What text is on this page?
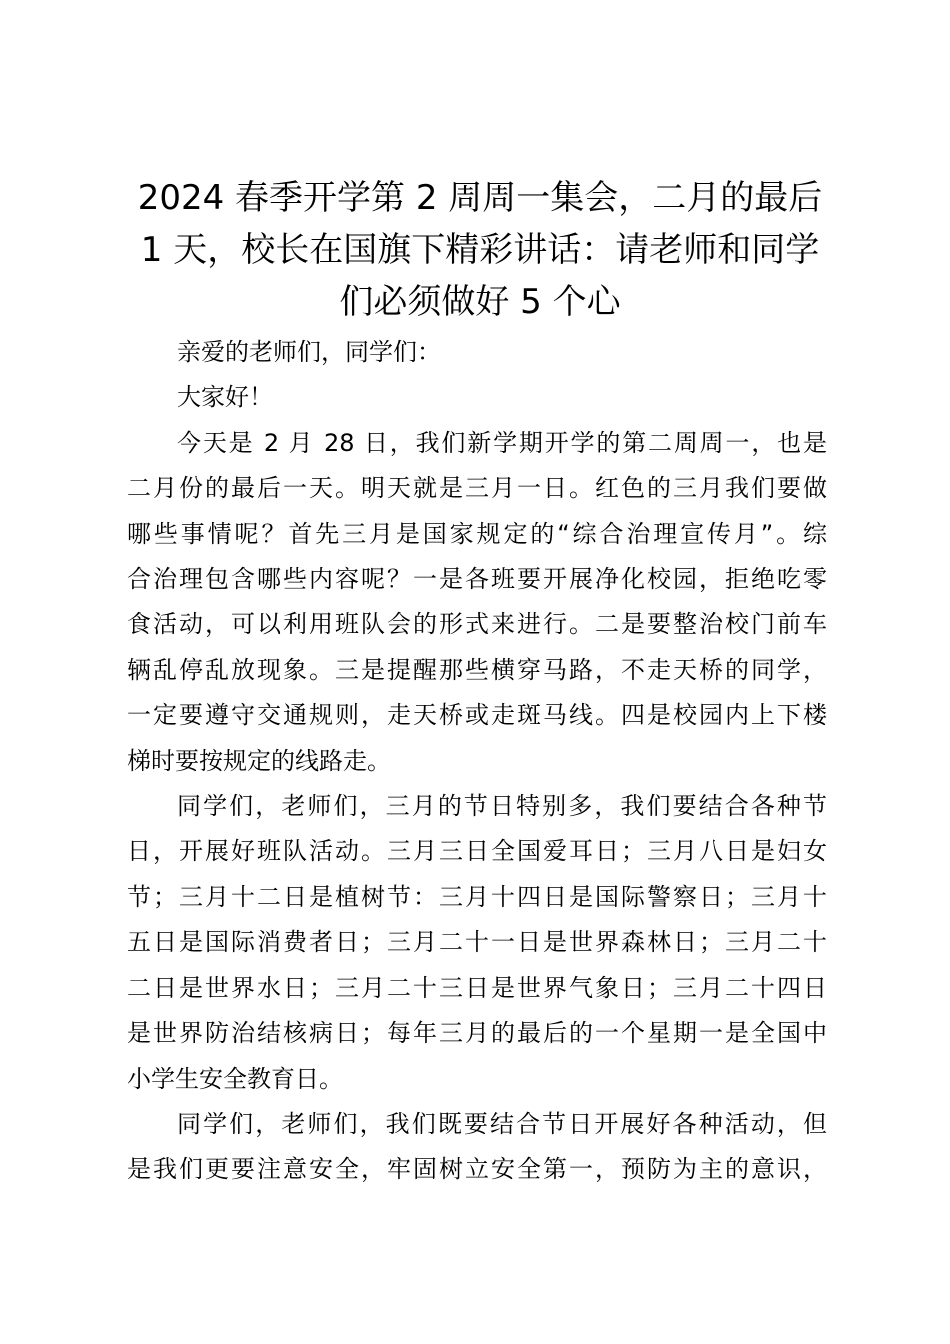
2024 春季开学第 2 周周一集会，二月的最后
1 天，校长在国旗下精彩讲话：请老师和同学
们必须做好 5 个心

亲爱的老师们，同学们：

大家好！

今天是 2 月 28 日，我们新学期开学的第二周周一，也是
二月份的最后一天。明天就是三月一日。红色的三月我们要做
哪些事情呢？首先三月是国家规定的“综合治理宣传月”。综
合治理包含哪些内容呢？一是各班要开展净化校园，拒绝吃零
食活动，可以利用班队会的形式来进行。二是要整治校门前车
辆乱停乱放现象。三是提醒那些横穿马路，不走天桥的同学，
一定要遵守交通规则，走天桥或走斑马线。四是校园内上下楼
梯时要按规定的线路走。

同学们，老师们，三月的节日特别多，我们要结合各种节
日，开展好班队活动。三月三日全国爱耳日；三月八日是妇女
节；三月十二日是植树节：三月十四日是国际警察日；三月十
五日是国际消费者日；三月二十一日是世界森林日；三月二十
二日是世界水日；三月二十三日是世界气象日；三月二十四日
是世界防治结核病日；每年三月的最后的一个星期一是全国中
小学生安全教育日。

同学们，老师们，我们既要结合节日开展好各种活动，但
是我们更要注意安全，牢固树立安全第一，预防为主的意识，
